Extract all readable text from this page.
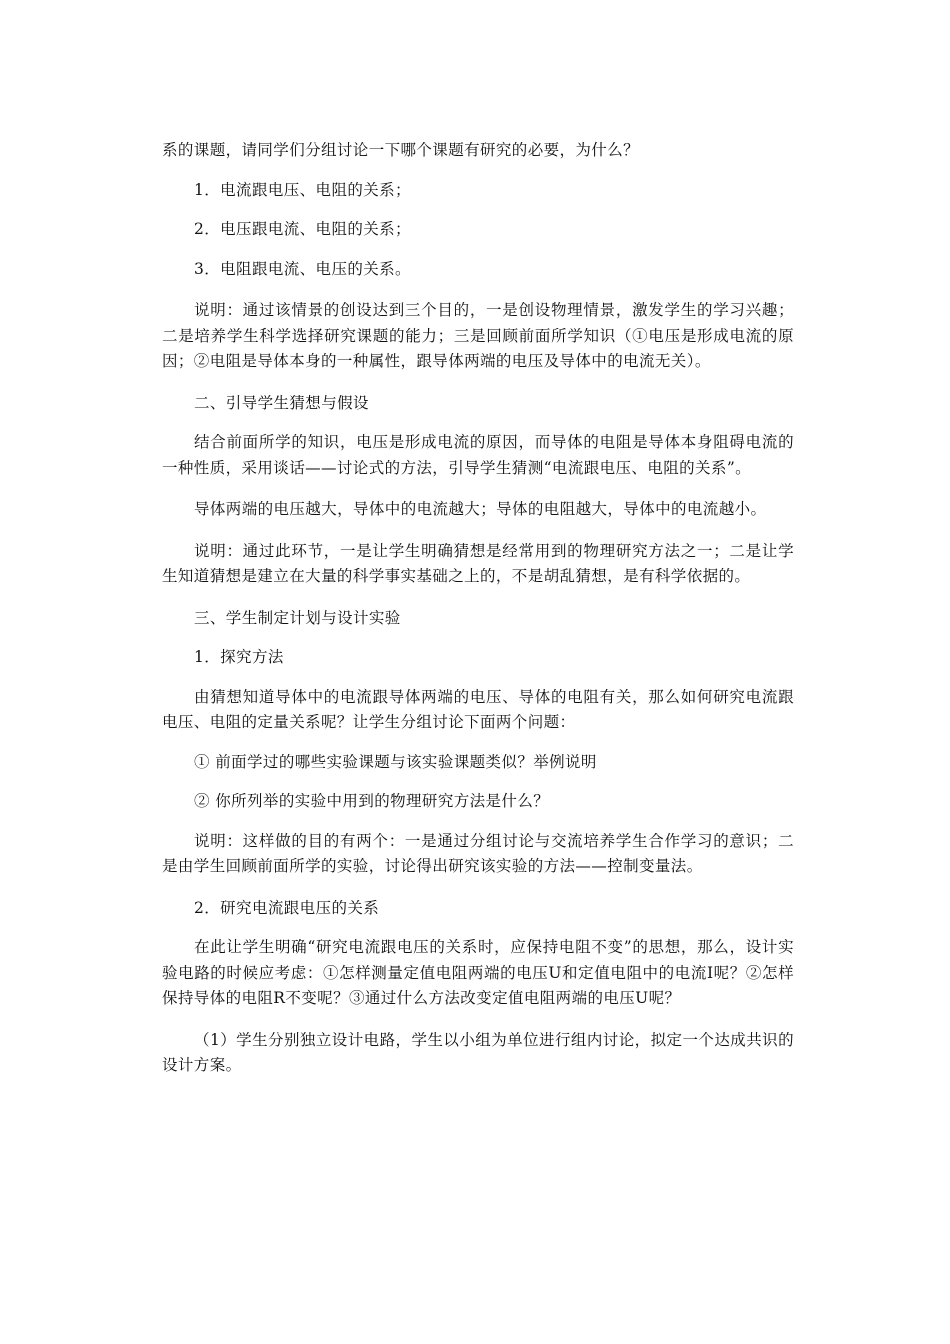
系的课题，请同学们分组讨论一下哪个课题有研究的必要，为什么？

1．电流跟电压、电阻的关系；

2．电压跟电流、电阻的关系；

3．电阻跟电流、电压的关系。

说明：通过该情景的创设达到三个目的，一是创设物理情景，激发学生的学习兴趣；二是培养学生科学选择研究课题的能力；三是回顾前面所学知识（①电压是形成电流的原因；②电阻是导体本身的一种属性，跟导体两端的电压及导体中的电流无关）。

二、引导学生猜想与假设

结合前面所学的知识，电压是形成电流的原因，而导体的电阻是导体本身阻碍电流的一种性质，采用谈话——讨论式的方法，引导学生猜测“电流跟电压、电阻的关系”。

导体两端的电压越大，导体中的电流越大；导体的电阻越大，导体中的电流越小。

说明：通过此环节，一是让学生明确猜想是经常用到的物理研究方法之一；二是让学生知道猜想是建立在大量的科学事实基础之上的，不是胡乱猜想，是有科学依据的。

三、学生制定计划与设计实验

1．探究方法

由猜想知道导体中的电流跟导体两端的电压、导体的电阻有关，那么如何研究电流跟电压、电阻的定量关系呢？让学生分组讨论下面两个问题：

① 前面学过的哪些实验课题与该实验课题类似？举例说明

② 你所列举的实验中用到的物理研究方法是什么？

说明：这样做的目的有两个：一是通过分组讨论与交流培养学生合作学习的意识；二是由学生回顾前面所学的实验，讨论得出研究该实验的方法——控制变量法。

2．研究电流跟电压的关系

在此让学生明确“研究电流跟电压的关系时，应保持电阻不变”的思想，那么，设计实验电路的时候应考虑：①怎样测量定值电阻两端的电压U和定值电阻中的电流I呢？②怎样保持导体的电阻R不变呢？③通过什么方法改变定值电阻两端的电压U呢？

（1）学生分别独立设计电路，学生以小组为单位进行组内讨论，拟定一个达成共识的设计方案。
